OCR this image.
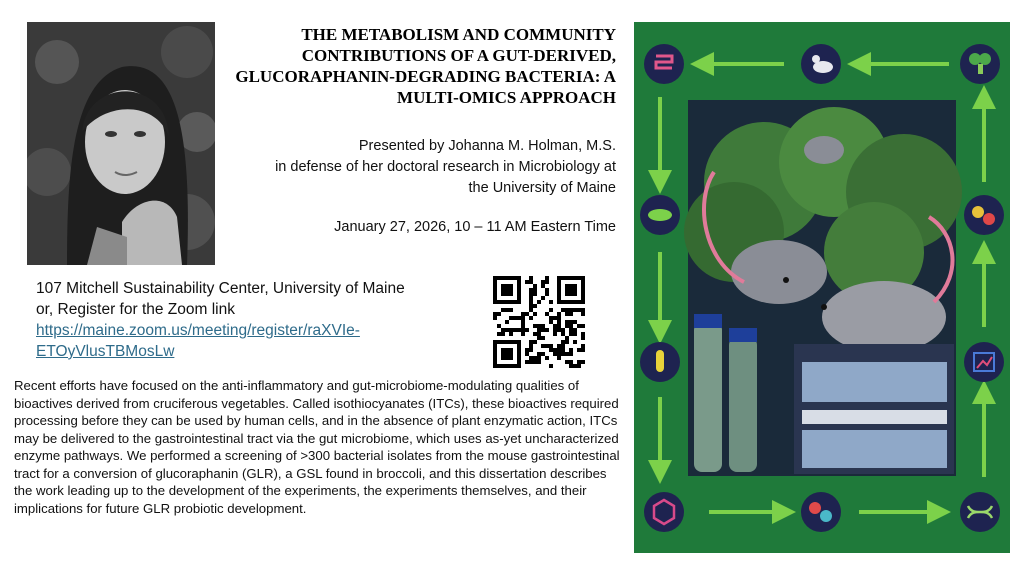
THE METABOLISM AND COMMUNITY CONTRIBUTIONS OF A GUT-DERIVED, GLUCORAPHANIN-DEGRADING BACTERIA: A MULTI-OMICS APPROACH
Presented by Johanna M. Holman, M.S.
in defense of her doctoral research in Microbiology at
the University of Maine
January 27, 2026, 10 – 11 AM Eastern Time
107 Mitchell Sustainability Center, University of Maine
or, Register for the Zoom link
https://maine.zoom.us/meeting/register/raXVIe-
ETOyVlusTBMosLw
Recent efforts have focused on the anti-inflammatory and gut-microbiome-modulating qualities of bioactives derived from cruciferous vegetables. Called isothiocyanates (ITCs), these bioactives required processing before they can be used by human cells, and in the absence of plant enzymatic action, ITCs may be delivered to the gastrointestinal tract via the gut microbiome, which uses as-yet uncharacterized enzyme pathways. We performed a screening of >300 bacterial isolates from the mouse gastrointestinal tract for a conversion of glucoraphanin (GLR), a GSL found in broccoli, and this dissertation describes the work leading up to the development of the experiments, the experiments themselves, and their implications for future GLR probiotic development.
